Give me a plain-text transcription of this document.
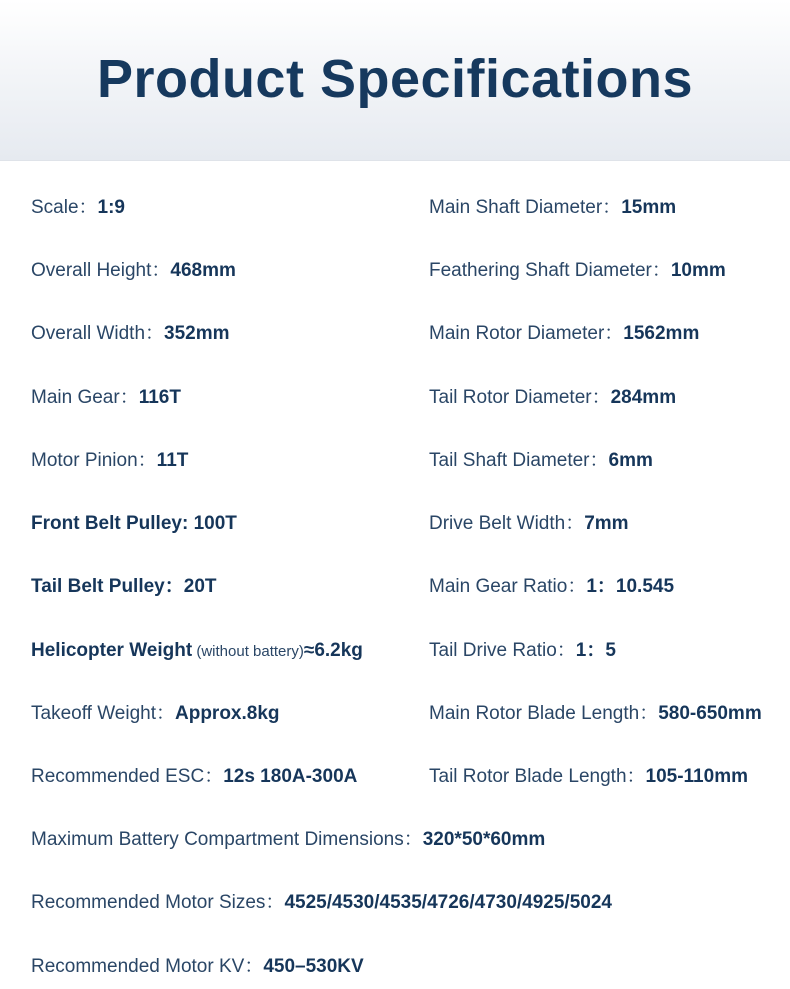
Product Specifications
Scale：1:9
Overall Height：468mm
Overall Width：352mm
Main Gear：116T
Motor Pinion：11T
Front Belt Pulley: 100T
Tail Belt Pulley：20T
Helicopter Weight (without battery)≈6.2kg
Takeoff Weight：Approx.8kg
Recommended ESC：12s 180A-300A
Main Shaft Diameter：15mm
Feathering Shaft Diameter：10mm
Main Rotor Diameter：1562mm
Tail Rotor Diameter：284mm
Tail Shaft Diameter：6mm
Drive Belt Width：7mm
Main Gear Ratio：1：10.545
Tail Drive Ratio：1：5
Main Rotor Blade Length：580-650mm
Tail Rotor Blade Length：105-110mm
Maximum Battery Compartment Dimensions：320*50*60mm
Recommended Motor Sizes：4525/4530/4535/4726/4730/4925/5024
Recommended Motor KV：450–530KV
